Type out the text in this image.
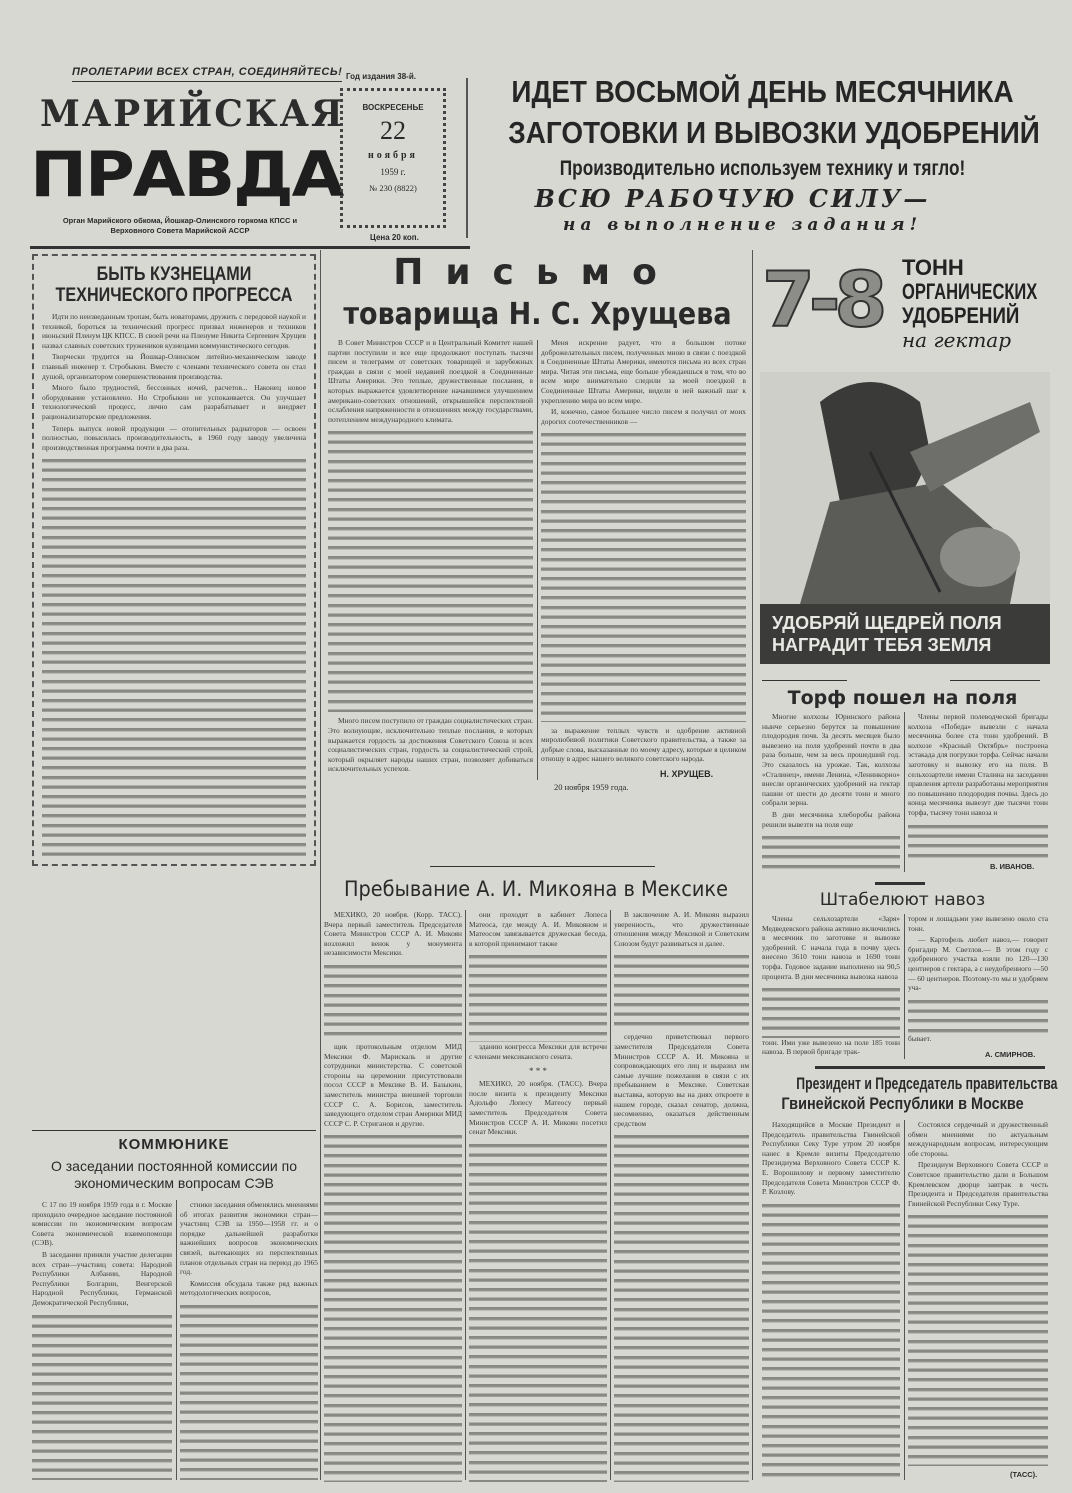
ПРОЛЕТАРИИ ВСЕХ СТРАН, СОЕДИНЯЙТЕСЬ!
МАРИЙСКАЯ
ПРАВДА
Орган Марийского обкома, Йошкар-Олинского горкома КПСС и Верховного Совета Марийской АССР
Год издания 38-й.
ВОСКРЕСЕНЬЕ
22
ноября
1959 г.
№ 230 (8822)
Цена 20 коп.
ИДЕТ ВОСЬМОЙ ДЕНЬ МЕСЯЧНИКА
ЗАГОТОВКИ И ВЫВОЗКИ УДОБРЕНИЙ
Производительно используем технику и тягло!
ВСЮ РАБОЧУЮ СИЛУ—
на выполнение задания!
БЫТЬ КУЗНЕЦАМИ
ТЕХНИЧЕСКОГО ПРОГРЕССА

Идти по неизведанным тропам, быть новаторами, дружить с передовой наукой и техникой, бороться за технический прогресс призвал инженеров и техников июньский Пленум ЦК КПСС. В своей речи на Пленуме Никита Сергеевич Хрущев назвал славных советских тружеников кузнецами коммунистического сегодня.

Творчески трудится на Йошкар-Олинском литейно-механическом заводе главный инженер т. Стробыкин. Вместе с членами технического совета он стал душой, организатором совершенствования производства.

Много было трудностей, бессонных ночей, расчетов... Наконец новое оборудование установлено. Но Стробыкин не успокаивается. Он улучшает технологический процесс, лично сам разрабатывает и внедряет рационализаторские предложения.

Теперь выпуск новой продукции — отопительных радиаторов — освоен полностью, повысилась производительность, в 1960 году заводу увеличена производственная программа почти в два раза.

КОММЮНИКЕ
О заседании постоянной комиссии по экономическим вопросам СЭВ

С 17 по 19 ноября 1959 года в г. Москве проходило очередное заседание постоянной комиссии по экономическим вопросам Совета экономической взаимопомощи (СЭВ).

В заседании приняли участие делегации всех стран—участниц совета: Народной Республики Албании, Народной Республики Болгарии, Венгерской Народной Республики, Германской Демократической Республики,

стники заседания обменялись мнениями об итогах развития экономики стран—участниц СЭВ за 1950—1958 гг. и о порядке дальнейшей разработки важнейших вопросов экономических связей, вытекающих из перспективных планов отдельных стран на период до 1965 год.

Комиссия обсудала также ряд важных методологических вопросов,

Письмо
товарища Н. С. Хрущева

В Совет Министров СССР и в Центральный Комитет нашей партии поступили и все еще продолжают поступать тысячи писем и телеграмм от советских товарищей и зарубежных граждан в связи с моей недавней поездкой в Соединенные Штаты Америки. Это теплые, дружественные послания, в которых выражается удовлетворение начавшимся улучшением американо-советских отношений, открывшейся перспективой ослабления напряженности в отношениях между государствами, потеплением международного климата.

Много писем поступило от граждан социалистических стран. Это волнующие, исключительно теплые послания, в которых выражается гордость за достижения Советского Союза и всех социалистических стран, гордость за социалистический строй, который окрыляет народы наших стран, позволяет добиваться исключительных успехов.

Меня искренне радует, что в большом потоке доброжелательных писем, полученных мною в связи с поездкой в Соединенные Штаты Америки, имеются письма из всех стран мира. Читая эти письма, еще больше убеждаешься в том, что во всем мире внимательно следили за моей поездкой в Соединенные Штаты Америки, видели в ней важный шаг к укреплению мира во всем мире.

И, конечно, самое большее число писем я получил от моих дорогих соотечественников —

за выражение теплых чувств и одобрение активной миролюбивой политики Советского правительства, а также за добрые слова, высказанные по моему адресу, которые я целиком отношу в адрес нашего великого советского народа.

Н. ХРУЩЕВ.
20 ноября 1959 года.
Пребывание А. И. Микояна в Мексике

МЕХИКО, 20 ноября. (Корр. ТАСС). Вчера первый заместитель Председателя Совета Министров СССР А. И. Микоян возложил венок у монумента независимости Мексики.

щик протокольным отделом МИД Мексики Ф. Марискаль и другие сотрудники министерства. С советской стороны на церемонии присутствовали посол СССР в Мексике В. И. Базыкин, заместитель министра внешней торговли СССР С. А. Борисов, заместитель заведующего отделом стран Америки МИД СССР С. Р. Стриганов и другие.

они проходят в кабинет Лопеса Матеоса, где между А. И. Микояном и Матеосом завязывается дружеская беседа, в которой принимают также

зданию конгресса Мексики для встречи с членами мексиканского сената.

* * *

МЕХИКО, 20 ноября. (ТАСС). Вчера после визита к президенту Мексики Адольфо Лопесу Матеосу первый заместитель Председателя Совета Министров СССР А. И. Микоян посетил сенат Мексики.

В заключение А. И. Микоян выразил уверенность, что дружественные отношения между Мексикой и Советским Союзом будут развиваться и далее.

сердечно приветствовал первого заместителя Председателя Совета Министров СССР А. И. Микояна и сопровождающих его лиц и выразил им самые лучшие пожелания в связи с их пребыванием в Мексике. Советская выставка, которую вы на днях откроете в нашем городе, сказал сенатор, должна, несомненно, оказаться действенным средством

7-8 ТОНН
ОРГАНИЧЕСКИХ
УДОБРЕНИЙ
на гектар
УДОБРЯЙ ЩЕДРЕЙ ПОЛЯ
НАГРАДИТ ТЕБЯ ЗЕМЛЯ
Торф пошел на поля

Многие колхозы Юринского района нынче серьезно берутся за повышение плодородия почв. За десять месяцев было вывезено на поля удобрений почти в два раза больше, чем за весь прошедший год. Это сказалось на урожае. Так, колхозы «Сталинец», имени Ленина, «Ленинкорно» внесли органических удобрений на гектар пашни от шести до десяти тонн и много собрали зерна.

В дни месячника хлеборобы района решили вывезти на поля еще

Члены первой полеводческой бригады колхоза «Победа» вывезли с начала месячника более ста тонн удобрений. В колхозе «Красный Октябрь» построена эстакада для погрузки торфа. Сейчас начали заготовку и вывозку его на поля. В сельхозартели имени Сталина на заседании правления артели разработаны мероприятия по повышению плодородия почвы. Здесь до конца месячника вывезут две тысячи тонн торфа, тысячу тонн навоза и

В. ИВАНОВ.
Штабелюют навоз

Члены сельхозартели «Заря» Медведевского района активно включились в месячник по заготовке и вывозке удобрений. С начала года в почву здесь внесено 3610 тонн навоза и 1690 тонн торфа. Годовое задание выполнено на 90,5 процента. В дни месячника вывозка навоза

тонн. Ими уже вывезено на поле 185 тонн навоза. В первой бригаде трак-

тором и лошадьми уже вывезено около ста тонн.

— Картофель любит навоз,— говорит бригадир М. Светлов.— В этом году с удобренного участка взяли по 120—130 центнеров с гектара, а с неудобренного —50— 60 центнеров. Поэтому-то мы и удобряем уча-

бывает.

А. СМИРНОВ.
Президент и Председатель правительства
Гвинейской Республики в Москве

Находящийся в Москве Президент и Председатель правительства Гвинейской Республики Секу Туре утром 20 ноября нанес в Кремле визиты Председателю Президиума Верховного Совета СССР К. Е. Ворошилову и первому заместителю Председателя Совета Министров СССР Ф. Р. Козлову.

Состоялся сердечный и дружественный обмен мнениями по актуальным международным вопросам, интересующим обе стороны.

Президиум Верховного Совета СССР и Советское правительство дали в Большом Кремлевском дворце завтрак в честь Президента и Председателя правительства Гвинейской Республики Секу Туре.

(ТАСС).
